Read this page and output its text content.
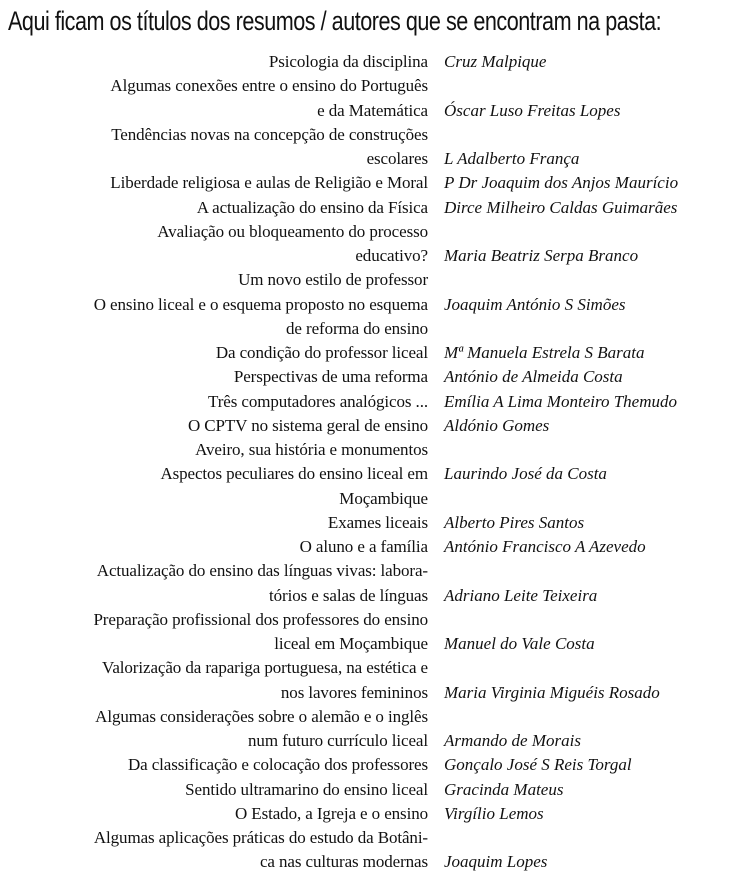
Aqui ficam os títulos dos resumos / autores que se encontram na pasta:
Psicologia da disciplina Cruz Malpique
Algumas conexões entre o ensino do Português
e da Matemática Óscar Luso Freitas Lopes
Tendências novas na concepção de construções
escolares L Adalberto França
Liberdade religiosa e aulas de Religião e Moral P Dr Joaquim dos Anjos Maurício
A actualização do ensino da Física Dirce Milheiro Caldas Guimarães
Avaliação ou bloqueamento do processo
educativo? Maria Beatriz Serpa Branco
Um novo estilo de professor
O ensino liceal e o esquema proposto no esquema Joaquim António S Simões
de reforma do ensino
Da condição do professor liceal Mª Manuela Estrela S Barata
Perspectivas de uma reforma António de Almeida Costa
Três computadores analógicos ... Emília A Lima Monteiro Themudo
O CPTV no sistema geral de ensino Aldónio Gomes
Aveiro, sua história e monumentos
Aspectos peculiares do ensino liceal em Laurindo José da Costa
Moçambique
Exames liceais Alberto Pires Santos
O aluno e a família António Francisco A Azevedo
Actualização do ensino das línguas vivas: labora-
tórios e salas de línguas Adriano Leite Teixeira
Preparação profissional dos professores do ensino
liceal em Moçambique Manuel do Vale Costa
Valorização da rapariga portuguesa, na estética e
nos lavores femininos Maria Virginia Miguéis Rosado
Algumas considerações sobre o alemão e o inglês
num futuro currículo liceal Armando de Morais
Da classificação e colocação dos professores Gonçalo José S Reis Torgal
Sentido ultramarino do ensino liceal Gracinda Mateus
O Estado, a Igreja e o ensino Virgílio Lemos
Algumas aplicações práticas do estudo da Botâni-
ca nas culturas modernas Joaquim Lopes
